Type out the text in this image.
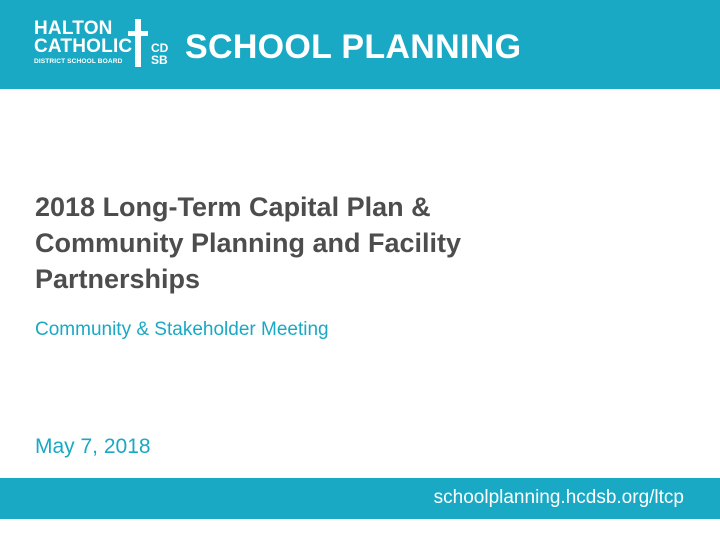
HALTON
CATHOLIC
DISTRICT SCHOOL BOARD
CD
SB SCHOOL PLANNING
2018 Long-Term Capital Plan &
Community Planning and Facility
Partnerships
Community & Stakeholder Meeting
May 7, 2018
schoolplanning.hcdsb.org/ltcp
